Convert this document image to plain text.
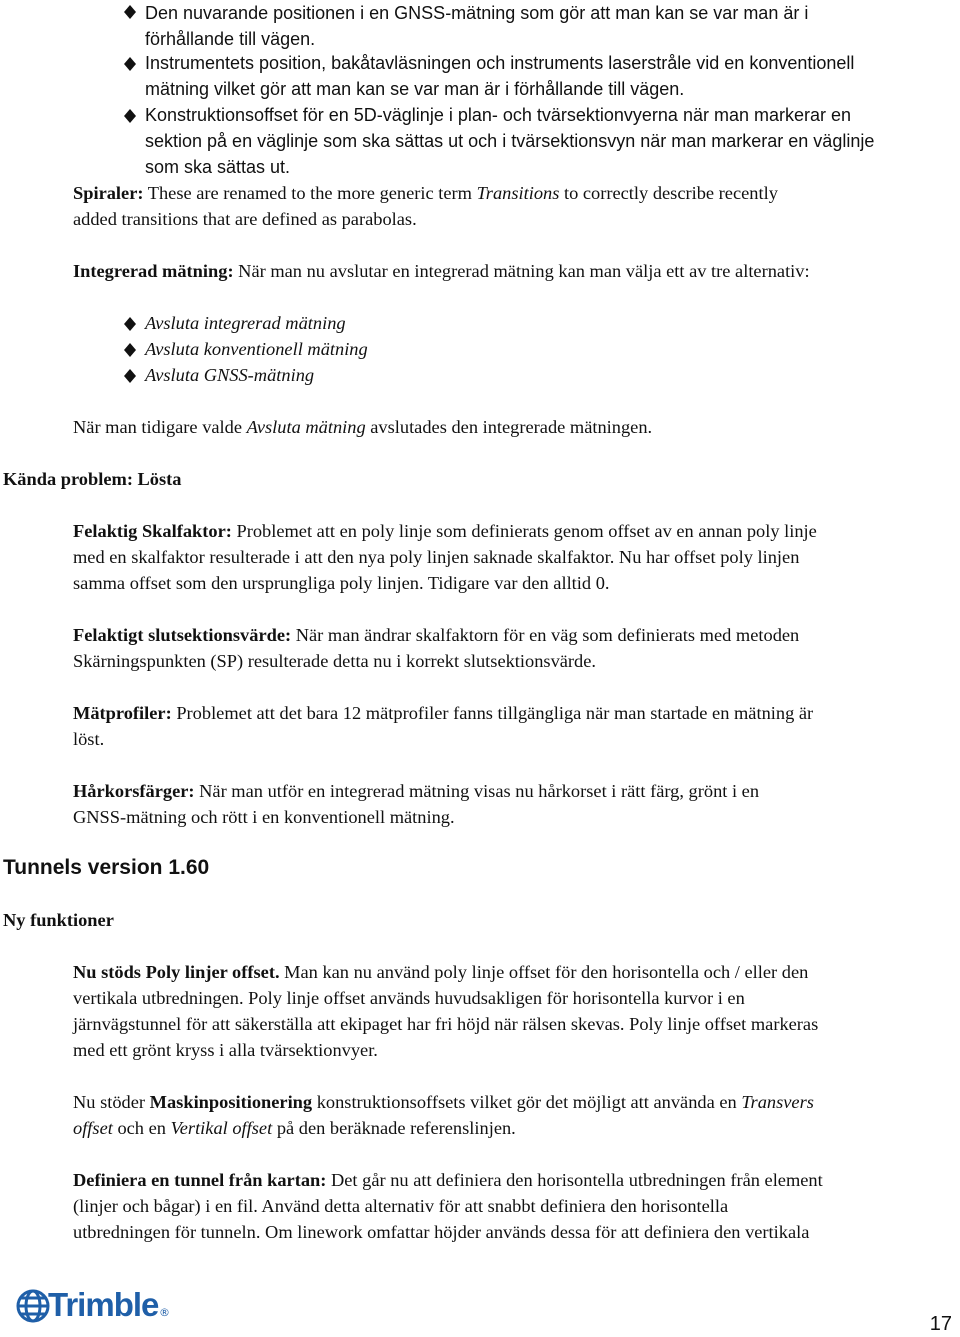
Den nuvarande positionen i en GNSS-mätning som gör att man kan se var man är i
förhållande till vägen.
Instrumentets position, bakåtavläsningen och instruments laserstråle vid en konventionell
mätning vilket gör att man kan se var man är i förhållande till vägen.
Konstruktionsoffset för en 5D-väglinje i plan- och tvärsektionvyerna när man markerar en
sektion på en väglinje som ska sättas ut och i tvärsektionsvyn när man markerar en väglinje
som ska sättas ut.
Spiraler: These are renamed to the more generic term Transitions to correctly describe recently
added transitions that are defined as parabolas.
Integrerad mätning: När man nu avslutar en integrerad mätning kan man välja ett av tre alternativ:
Avsluta integrerad mätning
Avsluta konventionell mätning
Avsluta GNSS-mätning
När man tidigare valde Avsluta mätning avslutades den integrerade mätningen.
Kända problem: Lösta
Felaktig Skalfaktor: Problemet att en poly linje som definierats genom offset av en annan poly linje
med en skalfaktor resulterade i att den nya poly linjen saknade skalfaktor. Nu har offset poly linjen
samma offset som den ursprungliga poly linjen. Tidigare var den alltid 0.
Felaktigt slutsektionsvärde: När man ändrar skalfaktorn för en väg som definierats med metoden
Skärningspunkten (SP) resulterade detta nu i korrekt slutsektionsvärde.
Mätprofiler: Problemet att det bara 12 mätprofiler fanns tillgängliga när man startade en mätning är
löst.
Hårkorsfärger: När man utför en integrerad mätning visas nu hårkorset i rätt färg, grönt i en
GNSS-mätning och rött i en konventionell mätning.
Tunnels version 1.60
Ny funktioner
Nu stöds Poly linjer offset. Man kan nu använd poly linje offset för den horisontella och / eller den
vertikala utbredningen. Poly linje offset används huvudsakligen för horisontella kurvor i en
järnvägstunnel för att säkerställa att ekipaget har fri höjd när rälsen skevas. Poly linje offset markeras
med ett grönt kryss i alla tvärsektionvyer.
Nu stöder Maskinpositionering konstruktionsoffsets vilket gör det möjligt att använda en Transvers
offset och en Vertikal offset på den beräknade referenslinjen.
Definiera en tunnel från kartan: Det går nu att definiera den horisontella utbredningen från element
(linjer och bågar) i en fil. Använd detta alternativ för att snabbt definiera den horisontella
utbredningen för tunneln. Om linework omfattar höjder används dessa för att definiera den vertikala
Trimble ®
17
